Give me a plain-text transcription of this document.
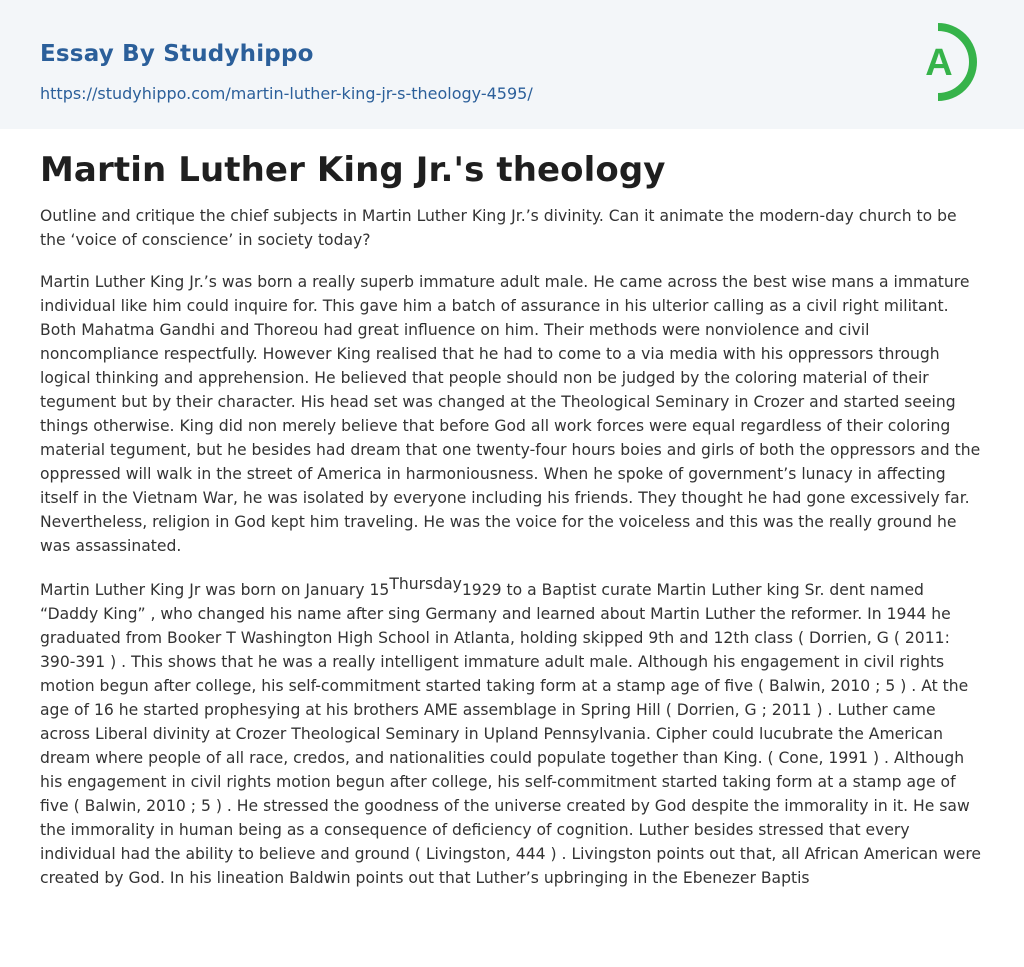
Essay By Studyhippo
https://studyhippo.com/martin-luther-king-jr-s-theology-4595/
A
Martin Luther King Jr.'s theology

Outline and critique the chief subjects in Martin Luther King Jr.’s divinity. Can it animate the modern-day church to be the ‘voice of conscience’ in society today?

Martin Luther King Jr.’s was born a really superb immature adult male. He came across the best wise mans a immature individual like him could inquire for. This gave him a batch of assurance in his ulterior calling as a civil right militant. Both Mahatma Gandhi and Thoreou had great influence on him. Their methods were nonviolence and civil noncompliance respectfully. However King realised that he had to come to a via media with his oppressors through logical thinking and apprehension. He believed that people should non be judged by the coloring material of their tegument but by their character. His head set was changed at the Theological Seminary in Crozer and started seeing things otherwise. King did non merely believe that before God all work forces were equal regardless of their coloring material tegument, but he besides had dream that one twenty-four hours boies and girls of both the oppressors and the oppressed will walk in the street of America in harmoniousness. When he spoke of government’s lunacy in affecting itself in the Vietnam War, he was isolated by everyone including his friends. They thought he had gone excessively far. Nevertheless, religion in God kept him traveling. He was the voice for the voiceless and this was the really ground he was assassinated.

Martin Luther King Jr was born on January $15^{Thursday}1929$ to a Baptist curate Martin Luther king Sr. dent named “Daddy King” , who changed his name after sing Germany and learned about Martin Luther the reformer. In 1944 he graduated from Booker T Washington High School in Atlanta, holding skipped 9th and 12th class ( Dorrien, G ( 2011: 390-391 ) . This shows that he was a really intelligent immature adult male. Although his engagement in civil rights motion begun after college, his self-commitment started taking form at a stamp age of five ( Balwin, 2010 ; 5 ) . At the age of 16 he started prophesying at his brothers AME assemblage in Spring Hill ( Dorrien, G ; 2011 ) . Luther came across Liberal divinity at Crozer Theological Seminary in Upland Pennsylvania. Cipher could lucubrate the American dream where people of all race, credos, and nationalities could populate together than King. ( Cone, 1991 ) . Although his engagement in civil rights motion begun after college, his self-commitment started taking form at a stamp age of five ( Balwin, 2010 ; 5 ) . He stressed the goodness of the universe created by God despite the immorality in it. He saw the immorality in human being as a consequence of deficiency of cognition. Luther besides stressed that every individual had the ability to believe and ground ( Livingston, 444 ) . Livingston points out that, all African American were created by God. In his lineation Baldwin points out that Luther’s upbringing in the Ebenezer Baptis
